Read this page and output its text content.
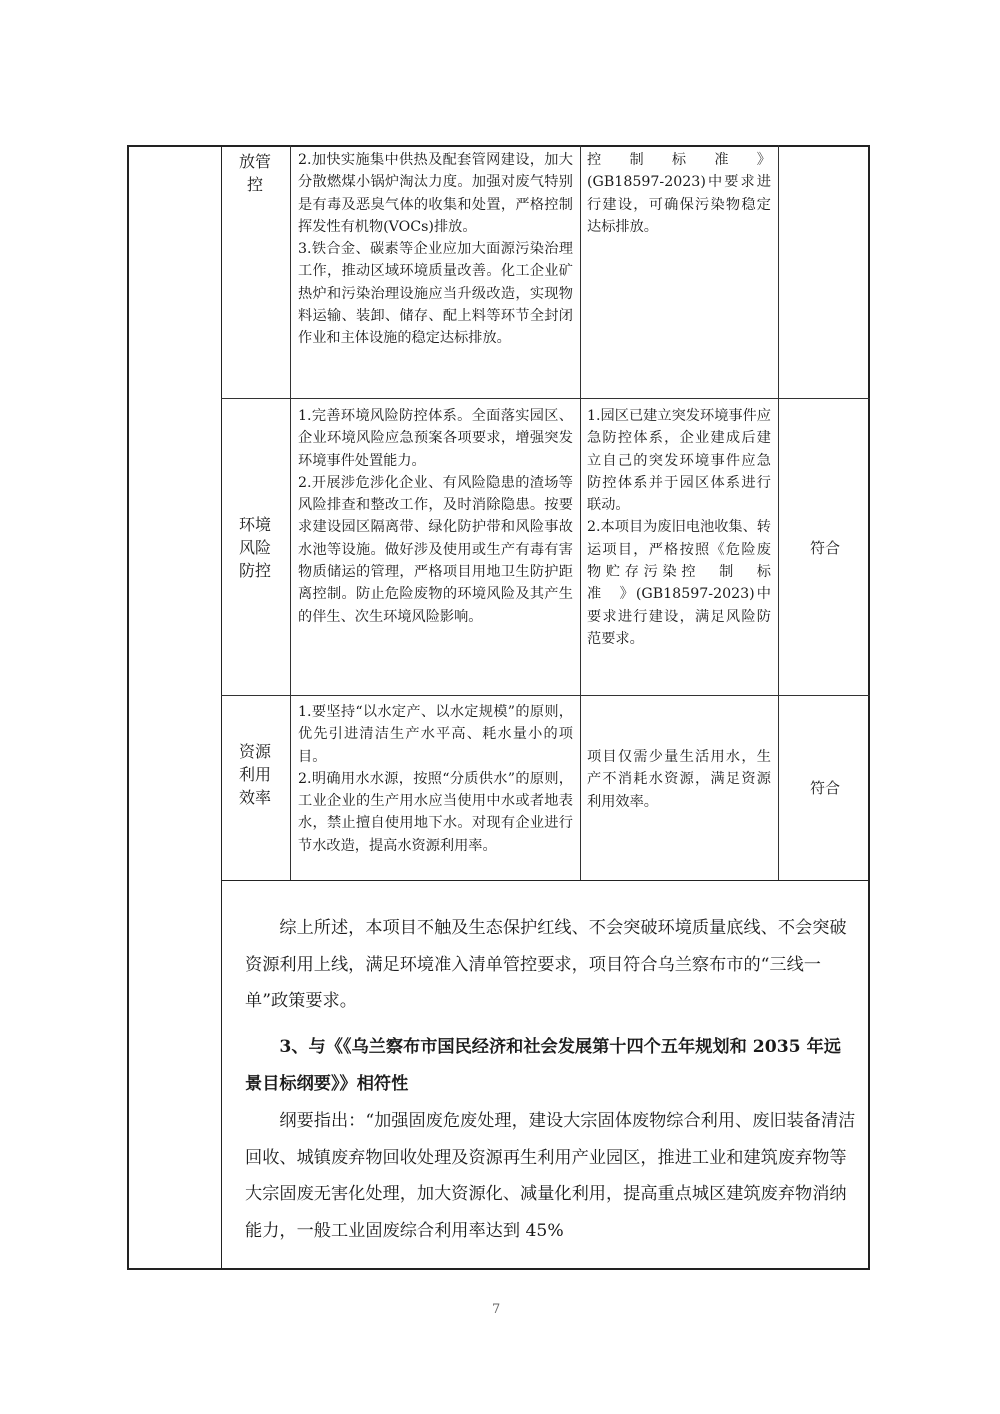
放管
控
2.加快实施集中供热及配套管网建设，加大分散燃煤小锅炉淘汰力度。加强对废气特别是有毒及恶臭气体的收集和处置，严格控制挥发性有机物(VOCs)排放。
3.铁合金、碳素等企业应加大面源污染治理工作，推动区域环境质量改善。化工企业矿热炉和污染治理设施应当升级改造，实现物料运输、装卸、储存、配上料等环节全封闭作业和主体设施的稳定达标排放。
控　制　标　准　》(GB18597-2023)中要求进行建设，可确保污染物稳定达标排放。
环境
风险
防控
1.完善环境风险防控体系。全面落实园区、企业环境风险应急预案各项要求，增强突发环境事件处置能力。
2.开展涉危涉化企业、有风险隐患的渣场等风险排查和整改工作，及时消除隐患。按要求建设园区隔离带、绿化防护带和风险事故水池等设施。做好涉及使用或生产有毒有害物质储运的管理，严格项目用地卫生防护距离控制。防止危险废物的环境风险及其产生的伴生、次生环境风险影响。
1.园区已建立突发环境事件应急防控体系，企业建成后建立自己的突发环境事件应急防控体系并于园区体系进行联动。
2.本项目为废旧电池收集、转运项目，严格按照《危险废物贮存污染控　制　标　准　》(GB18597-2023)中要求进行建设，满足风险防范要求。
符合
资源
利用
效率
1.要坚持“以水定产、以水定规模”的原则，优先引进清洁生产水平高、耗水量小的项目。
2.明确用水水源，按照“分质供水”的原则，工业企业的生产用水应当使用中水或者地表水，禁止擅自使用地下水。对现有企业进行节水改造，提高水资源利用率。
项目仅需少量生活用水，生产不消耗水资源，满足资源利用效率。
符合
　　综上所述，本项目不触及生态保护红线、不会突破环境质量底线、不会突破资源利用上线，满足环境准入清单管控要求，项目符合乌兰察布市的“三线一单”政策要求。
　　3、与《《乌兰察布市国民经济和社会发展第十四个五年规划和 2035 年远景目标纲要》》相符性
　　纲要指出：“加强固废危废处理，建设大宗固体废物综合利用、废旧装备清洁回收、城镇废弃物回收处理及资源再生利用产业园区，推进工业和建筑废弃物等大宗固废无害化处理，加大资源化、减量化利用，提高重点城区建筑废弃物消纳能力，一般工业固废综合利用率达到 45%
7
